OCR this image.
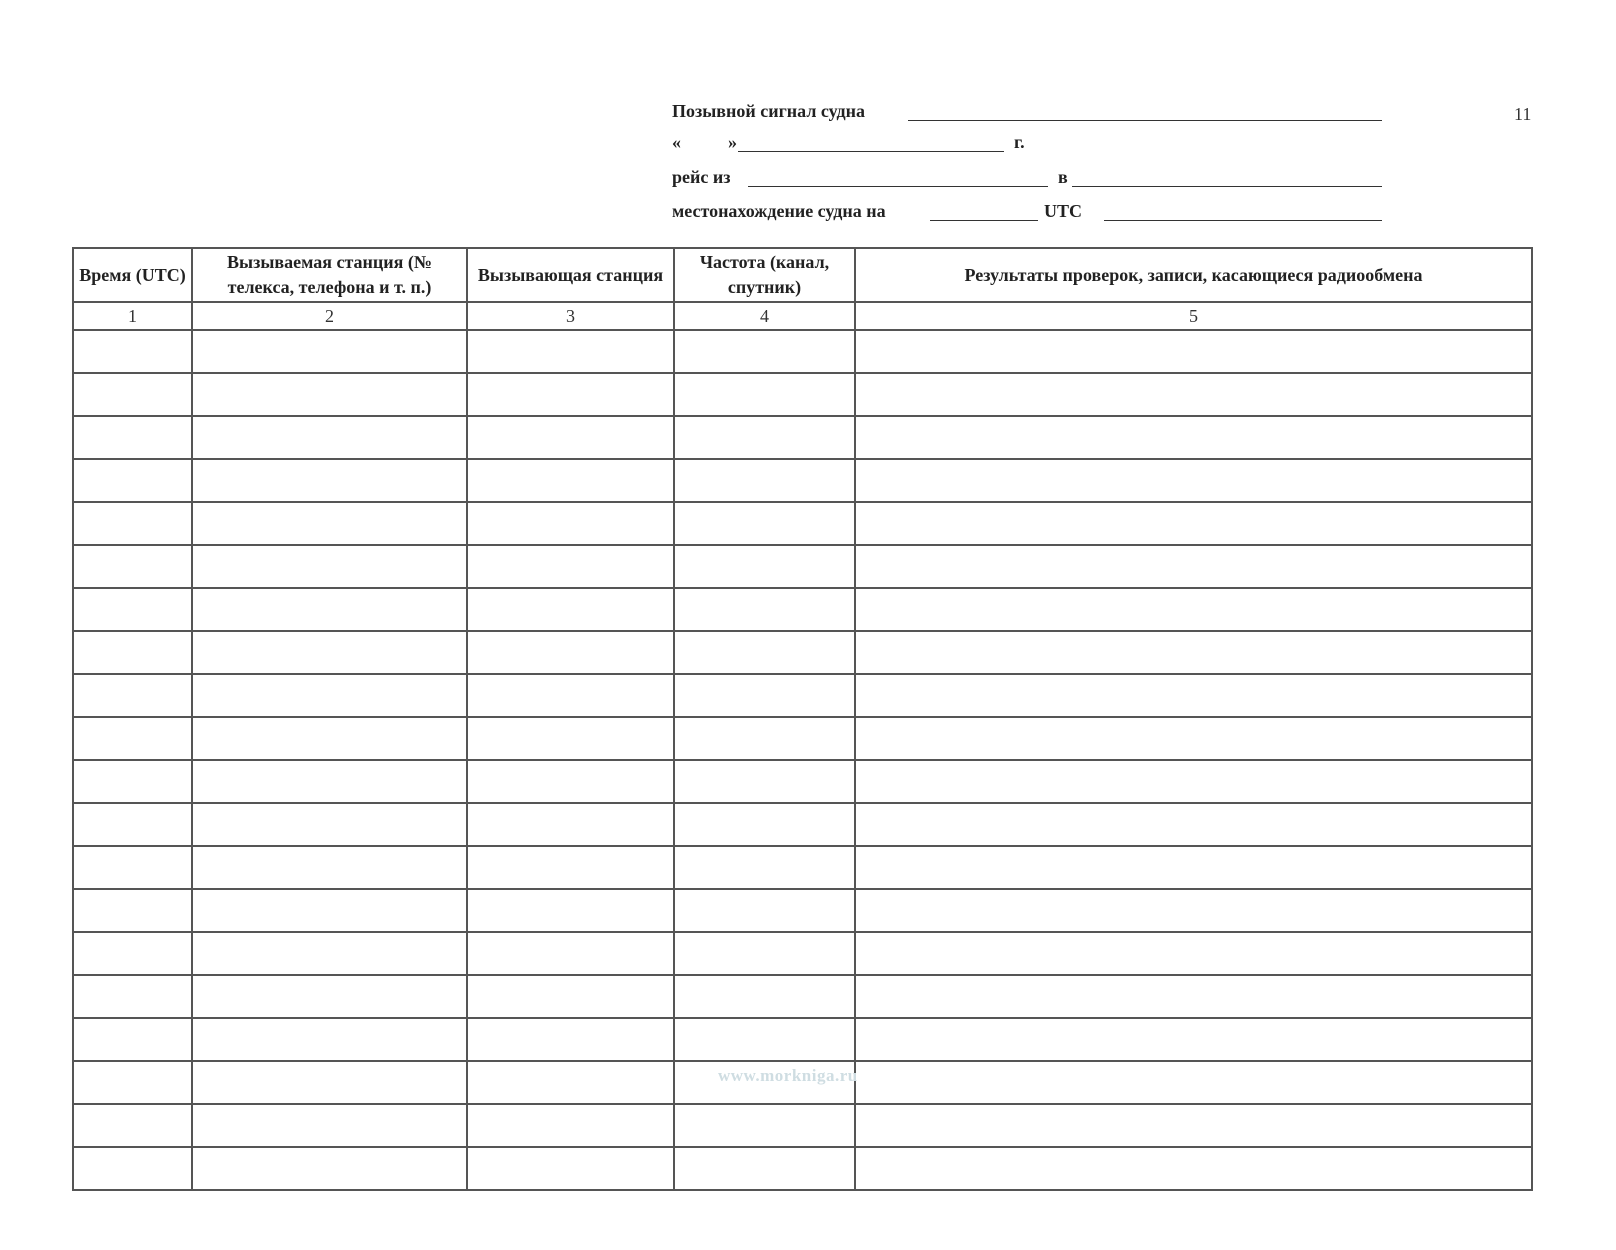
11
Позывной сигнал судна
«	»	г.
рейс из	в
местонахождение судна на	UTC
Время (UTC)	Вызываемая станция (№ телекса, телефона и т. п.)	Вызывающая станция	Частота (канал, спутник)	Результаты проверок, записи, касающиеся радиообмена
1	2	3	4	5

www.morkniga.ru
